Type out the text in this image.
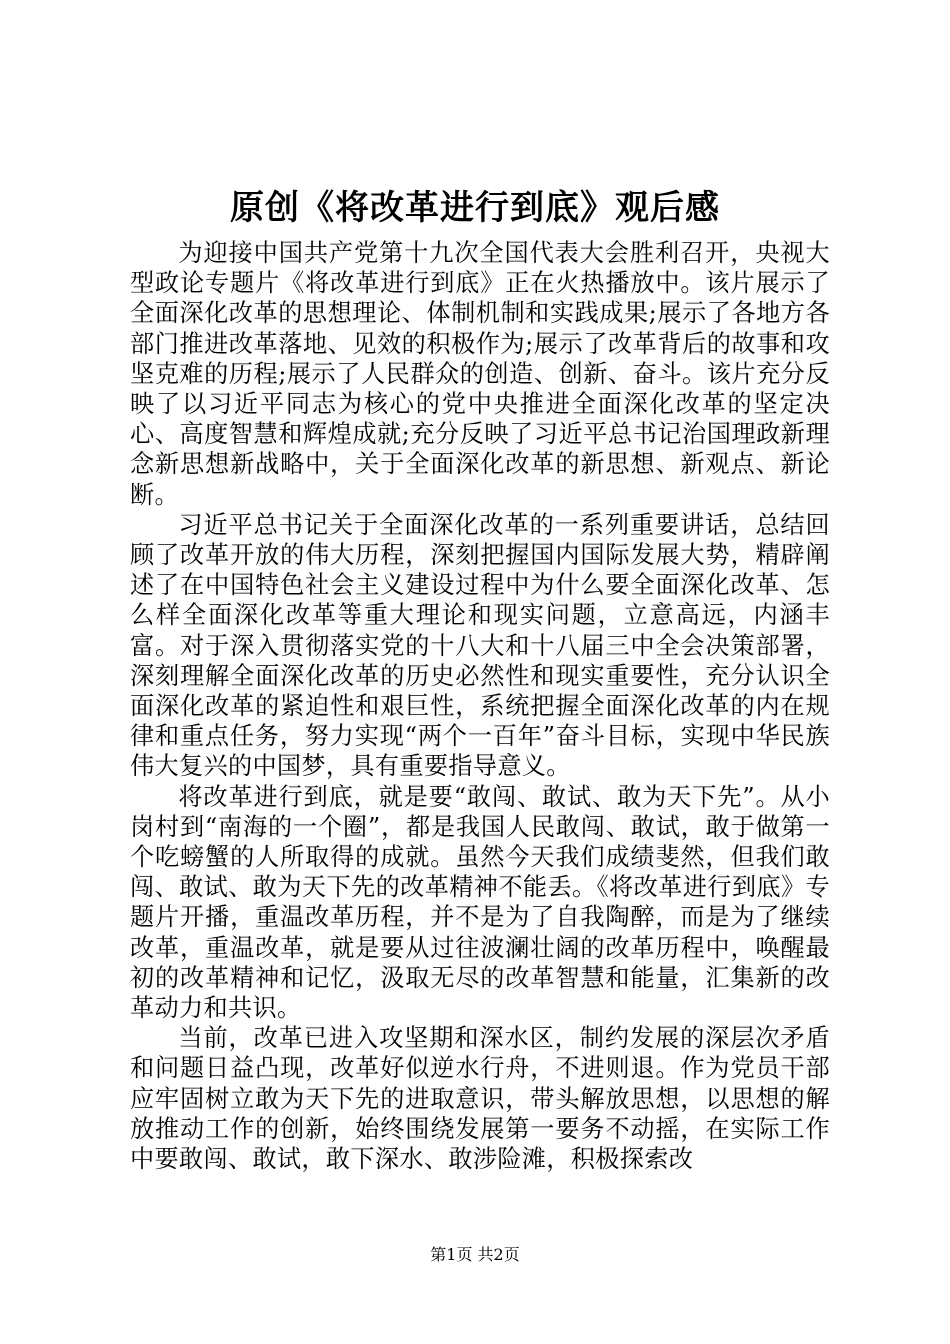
原创《将改革进行到底》观后感

为迎接中国共产党第十九次全国代表大会胜利召开，央视大型政论专题片《将改革进行到底》正在火热播放中。该片展示了全面深化改革的思想理论、体制机制和实践成果;展示了各地方各部门推进改革落地、见效的积极作为;展示了改革背后的故事和攻坚克难的历程;展示了人民群众的创造、创新、奋斗。该片充分反映了以习近平同志为核心的党中央推进全面深化改革的坚定决心、高度智慧和辉煌成就;充分反映了习近平总书记治国理政新理念新思想新战略中，关于全面深化改革的新思想、新观点、新论断。

习近平总书记关于全面深化改革的一系列重要讲话，总结回顾了改革开放的伟大历程，深刻把握国内国际发展大势，精辟阐述了在中国特色社会主义建设过程中为什么要全面深化改革、怎么样全面深化改革等重大理论和现实问题，立意高远，内涵丰富。对于深入贯彻落实党的十八大和十八届三中全会决策部署，深刻理解全面深化改革的历史必然性和现实重要性，充分认识全面深化改革的紧迫性和艰巨性，系统把握全面深化改革的内在规律和重点任务，努力实现“两个一百年”奋斗目标，实现中华民族伟大复兴的中国梦，具有重要指导意义。

将改革进行到底，就是要“敢闯、敢试、敢为天下先”。从小岗村到“南海的一个圈”，都是我国人民敢闯、敢试，敢于做第一个吃螃蟹的人所取得的成就。虽然今天我们成绩斐然，但我们敢闯、敢试、敢为天下先的改革精神不能丢。《将改革进行到底》专题片开播，重温改革历程，并不是为了自我陶醉，而是为了继续改革，重温改革，就是要从过往波澜壮阔的改革历程中，唤醒最初的改革精神和记忆，汲取无尽的改革智慧和能量，汇集新的改革动力和共识。

当前，改革已进入攻坚期和深水区，制约发展的深层次矛盾和问题日益凸现，改革好似逆水行舟，不进则退。作为党员干部应牢固树立敢为天下先的进取意识，带头解放思想，以思想的解放推动工作的创新，始终围绕发展第一要务不动摇，在实际工作中要敢闯、敢试，敢下深水、敢涉险滩，积极探索改

第1页 共2页
